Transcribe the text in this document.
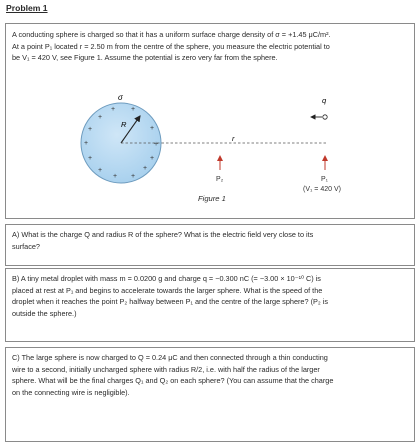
Problem 1
A conducting sphere is charged so that it has a uniform surface charge density of σ = +1.45 μC/m².
At a point P₁ located r = 2.50 m from the centre of the sphere, you measure the electric potential to
be V₁ = 420 V, see Figure 1. Assume the potential is zero very far from the sphere.
σ
+
+ +
+	+
+	+
+	+
+
+ +
+
R
r
q
P₂	P₁
(V₁ = 420 V)
Figure 1
A) What is the charge Q and radius R of the sphere? What is the electric field very close to its
surface?
B) A tiny metal droplet with mass m = 0.0200 g and charge q = −0.300 nC (= −3.00 × 10⁻¹⁰ C) is
placed at rest at P₁ and begins to accelerate towards the larger sphere. What is the speed of the
droplet when it reaches the point P₂ halfway between P₁ and the centre of the large sphere? (P₂ is
outside the sphere.)
C) The large sphere is now charged to Q = 0.24 μC and then connected through a thin conducting
wire to a second, initially uncharged sphere with radius R/2, i.e. with half the radius of the larger
sphere. What will be the final charges Q₁ and Q₂ on each sphere? (You can assume that the charge
on the connecting wire is negligible).
